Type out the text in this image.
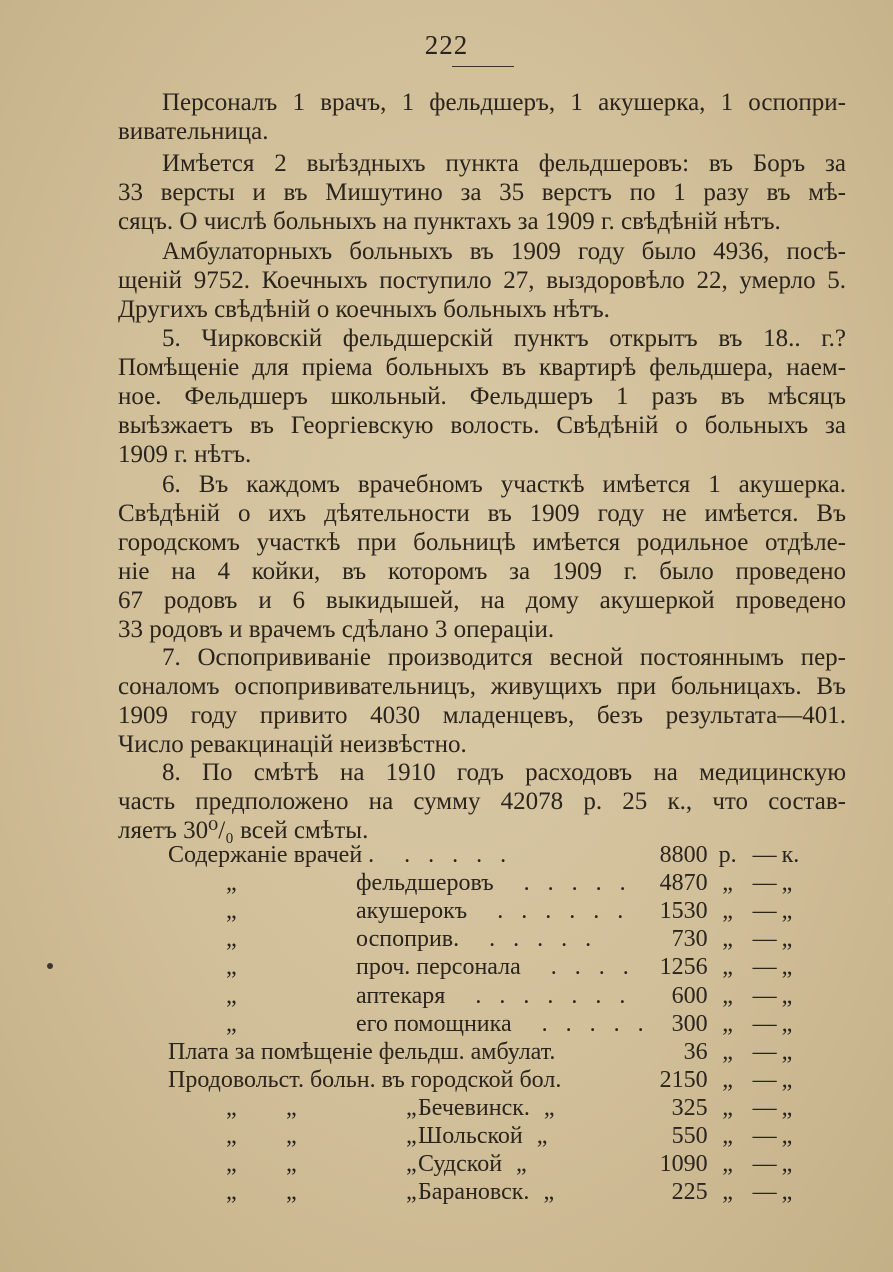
222
Персоналъ 1 врачъ, 1 фельдшеръ, 1 акушерка, 1 оспопри-
вивательница.
Имѣется 2 выѣздныхъ пункта фельдшеровъ: въ Боръ за
33 версты и въ Мишутино за 35 верстъ по 1 разу въ мѣ-
сяцъ. О числѣ больныхъ на пунктахъ за 1909 г. свѣдѣнiй нѣтъ.
Амбулаторныхъ больныхъ въ 1909 году было 4936, посѣ-
щенiй 9752. Коечныхъ поступило 27, выздоровѣло 22, умерло 5.
Другихъ свѣдѣнiй о коечныхъ больныхъ нѣтъ.
5. Чирковскiй фельдшерскiй пунктъ открытъ въ 18.. г.?
Помѣщенiе для прiема больныхъ въ квартирѣ фельдшера, наем-
ное. Фельдшеръ школьный. Фельдшеръ 1 разъ въ мѣсяцъ
выѣзжаетъ въ Георгiевскую волость. Свѣдѣнiй о больныхъ за
1909 г. нѣтъ.
6. Въ каждомъ врачебномъ участкѣ имѣется 1 акушерка.
Свѣдѣнiй о ихъ дѣятельности въ 1909 году не имѣется. Въ
городскомъ участкѣ при больницѣ имѣется родильное отдѣле-
нiе на 4 койки, въ которомъ за 1909 г. было проведено
67 родовъ и 6 выкидышей, на дому акушеркой проведено
33 родовъ и врачемъ сдѣлано 3 операцiи.
7. Оспопрививанiе производится весной постояннымъ пер-
соналомъ оспопрививательницъ, живущихъ при больницахъ. Въ
1909 году привито 4030 младенцевъ, безъ результата—401.
Число ревакцинацiй неизвѣстно.
8. По смѣтѣ на 1910 годъ расходовъ на медицинскую
часть предположено на сумму 42078 р. 25 к., что состав-
ляетъ 30⁰/₀ всей смѣты.
Содержанiе врачей . . . . . .	8800	р.	—	к.
„ фельдшеровъ . . . . .	4870	„	—	„
„ акушерокъ . . . . . .	1530	„	—	„
„ оспоприв. . . . . .	730	„	—	„
„ проч. персонала . . . .	1256	„	—	„
„ аптекаря . . . . . . .	600	„	—	„
„ его помощника . . . . .	300	„	—	„
Плата за помѣщенiе фельдш. амбулат.	36	„	—	„
Продовольст. больн. въ городской бол.	2150	„	—	„
„ „ „Бечевинск. „	325	„	—	„
„ „ „Шольской „	550	„	—	„
„ „ „Судской „	1090	„	—	„
„ „ „Барановск. „	225	„	—	„
